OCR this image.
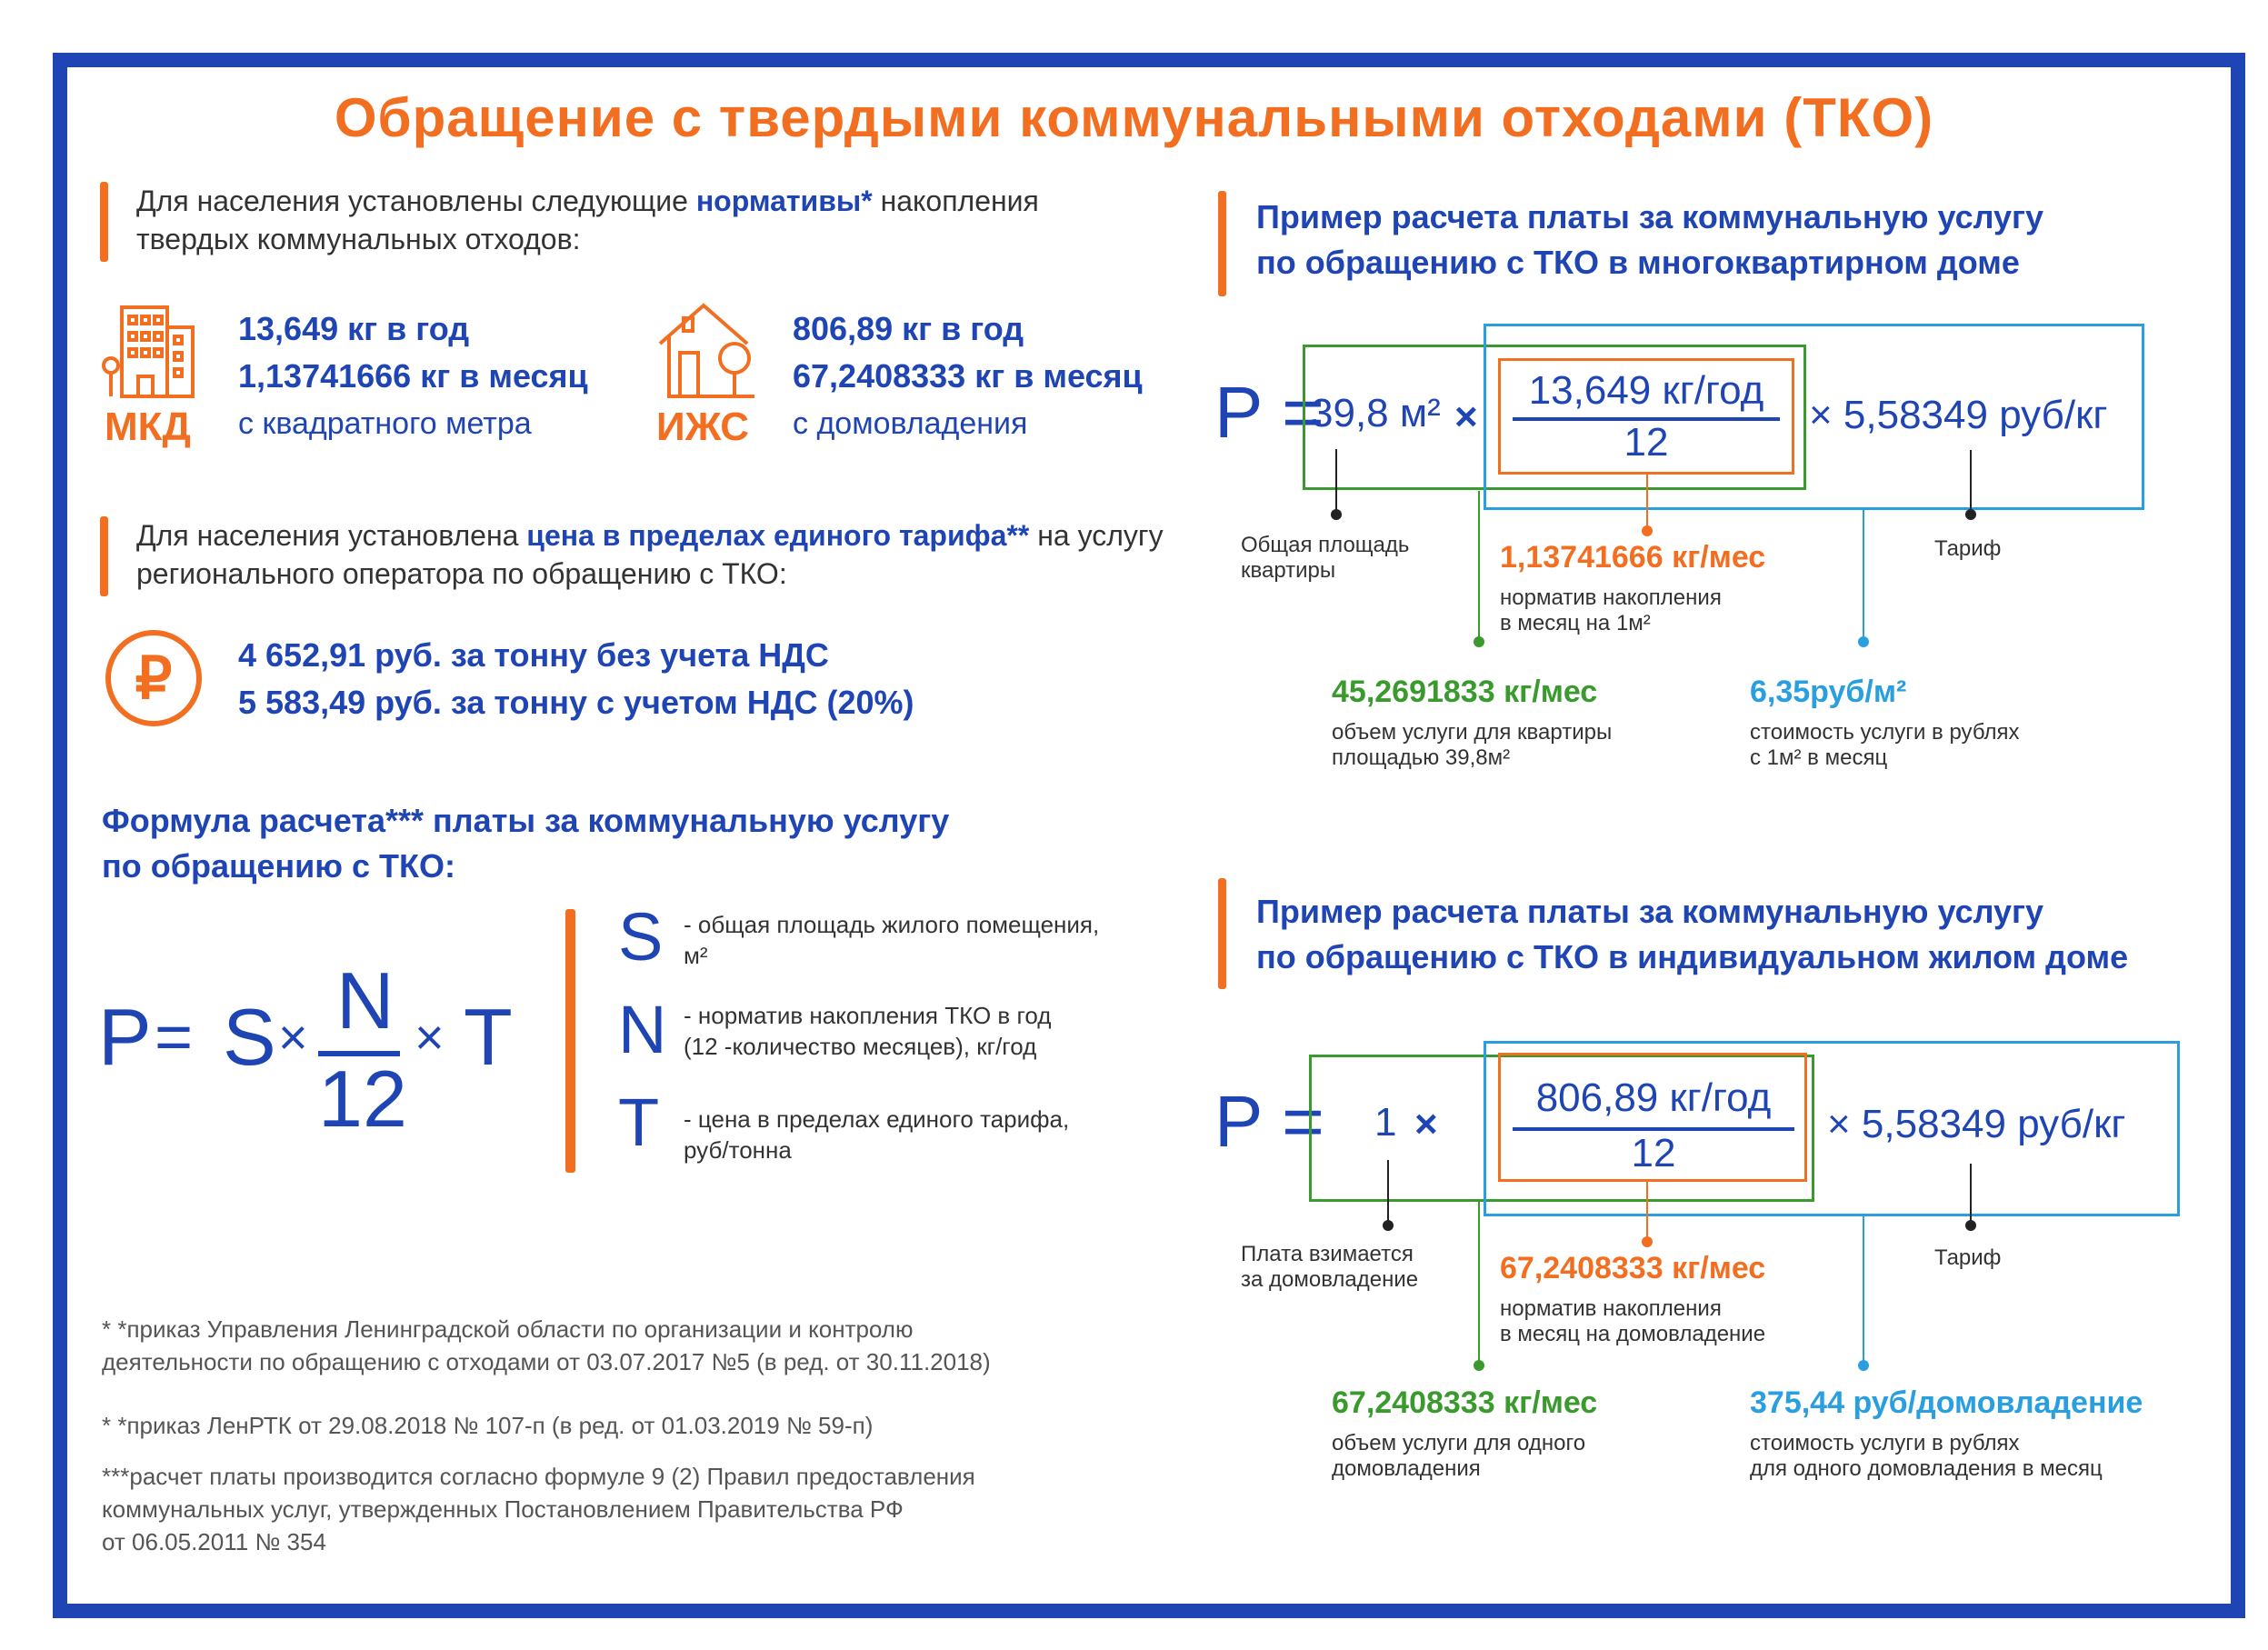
Обращение с твердыми коммунальными отходами (ТКО)
Для населения установлены следующие нормативы* накопления
твердых коммунальных отходов:
МКД
13,649 кг в год
1,13741666 кг в месяц
с квадратного метра	ИЖС
806,89 кг в год
67,2408333 кг в месяц
с домовладения
Для населения установлена цена в пределах единого тарифа** на услугу
регионального оператора по обращению с ТКО:
₽	4 652,91 руб. за тонну без учета НДС
5 583,49 руб. за тонну с учетом НДС (20%)
Формула расчета*** платы за коммунальную услугу
по обращению с ТКО:
P = S × N
12
× T
S - общая площадь жилого помещения,
м²
N - норматив накопления ТКО в год
(12 -количество месяцев), кг/год
T - цена в пределах единого тарифа,
руб/тонна
* *приказ Управления Ленинградской области по организации и контролю
деятельности по обращению с отходами от 03.07.2017 №5 (в ред. от 30.11.2018)
* *приказ ЛенРТК от 29.08.2018 № 107-п (в ред. от 01.03.2019 № 59-п)
***расчет платы производится согласно формуле 9 (2) Правил предоставления
коммунальных услуг, утвержденных Постановлением Правительства РФ
от 06.05.2011 № 354
Пример расчета платы за коммунальную услугу
по обращению с ТКО в многоквартирном доме
P =
39,8 м² ×
13,649 кг/год
12
× 5,58349 руб/кг
Общая площадь
квартиры	1,13741666 кг/мес
норматив накопления
в месяц на 1м²
Тариф
45,2691833 кг/мес
объем услуги для квартиры
площадью 39,8м²
6,35руб/м²
стоимость услуги в рублях
с 1м² в месяц
Пример расчета платы за коммунальную услугу
по обращению с ТКО в индивидуальном жилом доме
P = 1 ×
806,89 кг/год
12
× 5,58349 руб/кг
Плата взимается
за домовладение	67,2408333 кг/мес
норматив накопления
в месяц на домовладение
Тариф
67,2408333 кг/мес
объем услуги для одного
домовладения
375,44 руб/домовладение
стоимость услуги в рублях
для одного домовладения в месяц
